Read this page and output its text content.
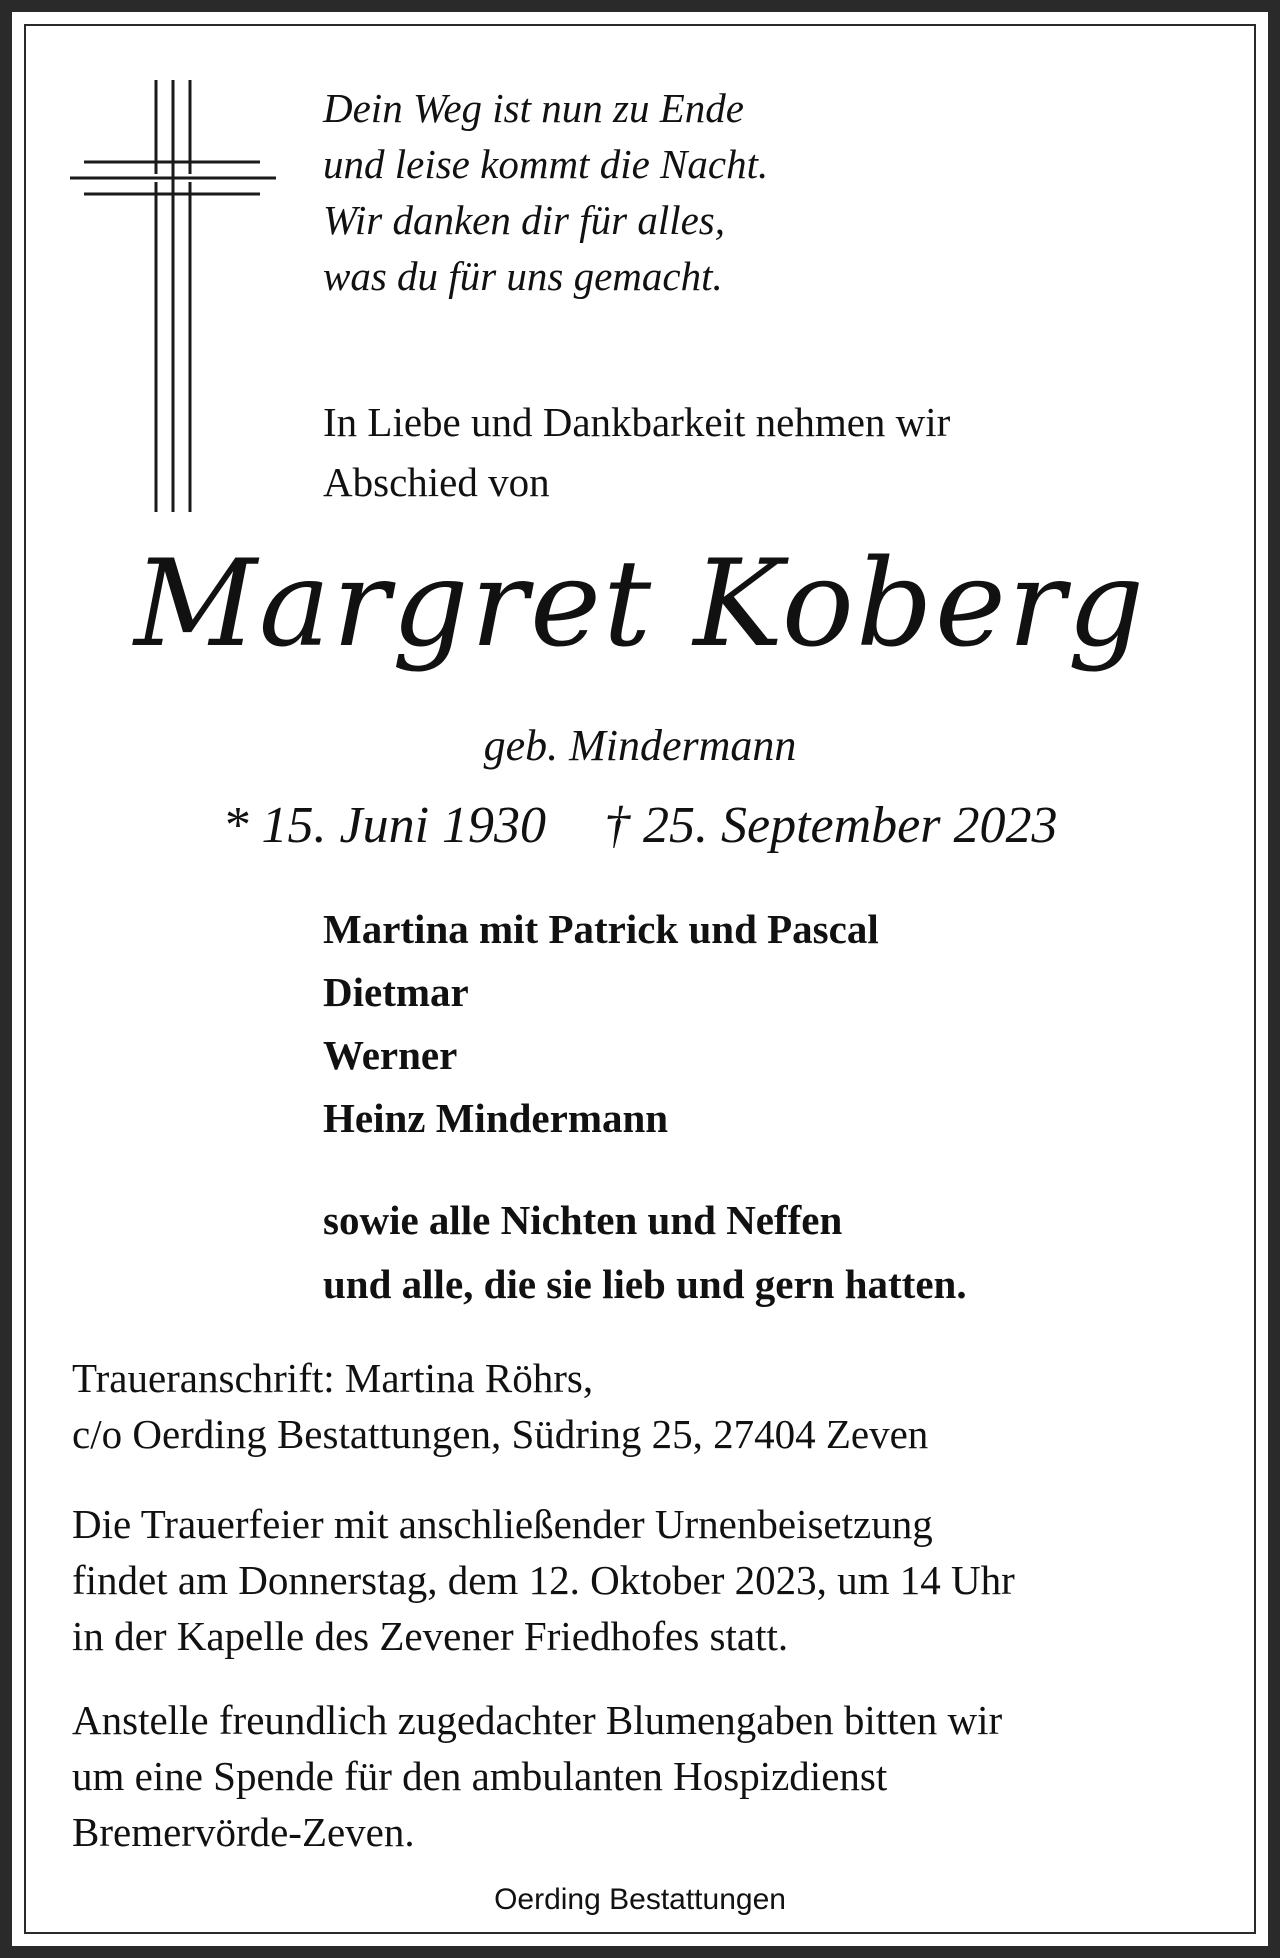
Dein Weg ist nun zu Ende
und leise kommt die Nacht.
Wir danken dir für alles,
was du für uns gemacht.
In Liebe und Dankbarkeit nehmen wir
Abschied von
Margret Koberg
geb. Mindermann
* 15. Juni 1930 † 25. September 2023
Martina mit Patrick und Pascal
Dietmar
Werner
Heinz Mindermann
sowie alle Nichten und Neffen
und alle, die sie lieb und gern hatten.
Traueranschrift: Martina Röhrs,
c/o Oerding Bestattungen, Südring 25, 27404 Zeven
Die Trauerfeier mit anschließender Urnenbeisetzung
findet am Donnerstag, dem 12. Oktober 2023, um 14 Uhr
in der Kapelle des Zevener Friedhofes statt.
Anstelle freundlich zugedachter Blumengaben bitten wir
um eine Spende für den ambulanten Hospizdienst
Bremervörde-Zeven.
Oerding Bestattungen
